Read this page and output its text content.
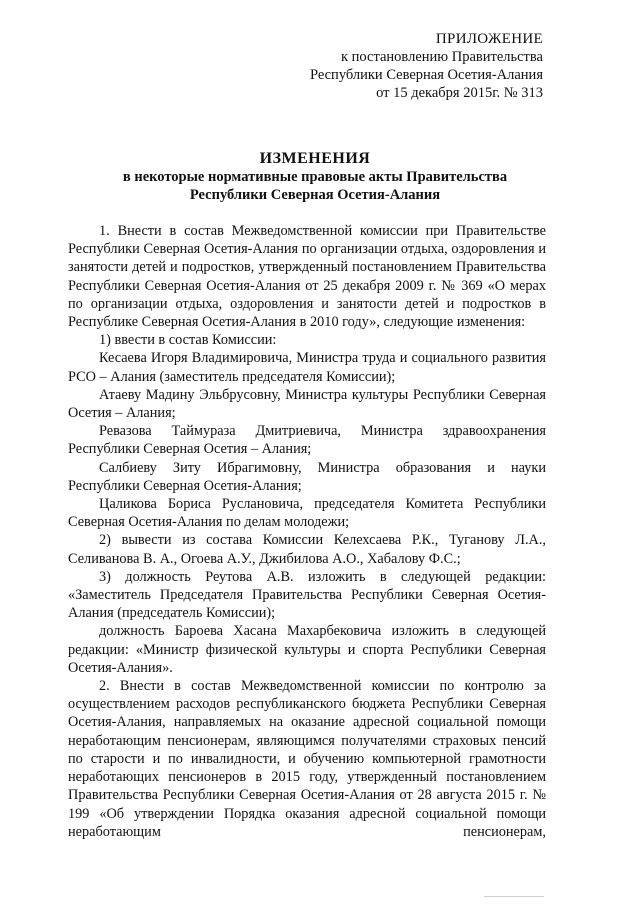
ПРИЛОЖЕНИЕ
к постановлению Правительства
Республики Северная Осетия-Алания
от 15 декабря 2015г. № 313
ИЗМЕНЕНИЯ
в некоторые нормативные правовые акты Правительства
Республики Северная Осетия-Алания

1. Внести в состав Межведомственной комиссии при Правительстве Республики Северная Осетия-Алания по организации отдыха, оздоровления и занятости детей и подростков, утвержденный постановлением Правительства Республики Северная Осетия-Алания от 25 декабря 2009 г. № 369 «О мерах по организации отдыха, оздоровления и занятости детей и подростков в Республике Северная Осетия-Алания в 2010 году», следующие изменения:

1) ввести в состав Комиссии:

Кесаева Игоря Владимировича, Министра труда и социального развития РСО – Алания (заместитель председателя Комиссии);

Атаеву Мадину Эльбрусовну, Министра культуры Республики Северная Осетия – Алания;

Ревазова Таймураза Дмитриевича, Министра здравоохранения Республики Северная Осетия – Алания;

Салбиеву Зиту Ибрагимовну, Министра образования и науки Республики Северная Осетия-Алания;

Цаликова Бориса Руслановича, председателя Комитета Республики Северная Осетия-Алания по делам молодежи;

2) вывести из состава Комиссии Келехсаева Р.К., Туганову Л.А., Селиванова В. А., Огоева А.У., Джибилова А.О., Хабалову Ф.С.;

3) должность Реутова А.В. изложить в следующей редакции: «Заместитель Председателя Правительства Республики Северная Осетия-Алания (председатель Комиссии);

должность Бароева Хасана Махарбековича изложить в следующей редакции: «Министр физической культуры и спорта Республики Северная Осетия-Алания».

2. Внести в состав Межведомственной комиссии по контролю за осуществлением расходов республиканского бюджета Республики Северная Осетия-Алания, направляемых на оказание адресной социальной помощи неработающим пенсионерам, являющимся получателями страховых пенсий по старости и по инвалидности, и обучению компьютерной грамотности неработающих пенсионеров в 2015 году, утвержденный постановлением Правительства Республики Северная Осетия-Алания от 28 августа 2015 г. № 199 «Об утверждении Порядка оказания адресной социальной помощи неработающим пенсионерам,
